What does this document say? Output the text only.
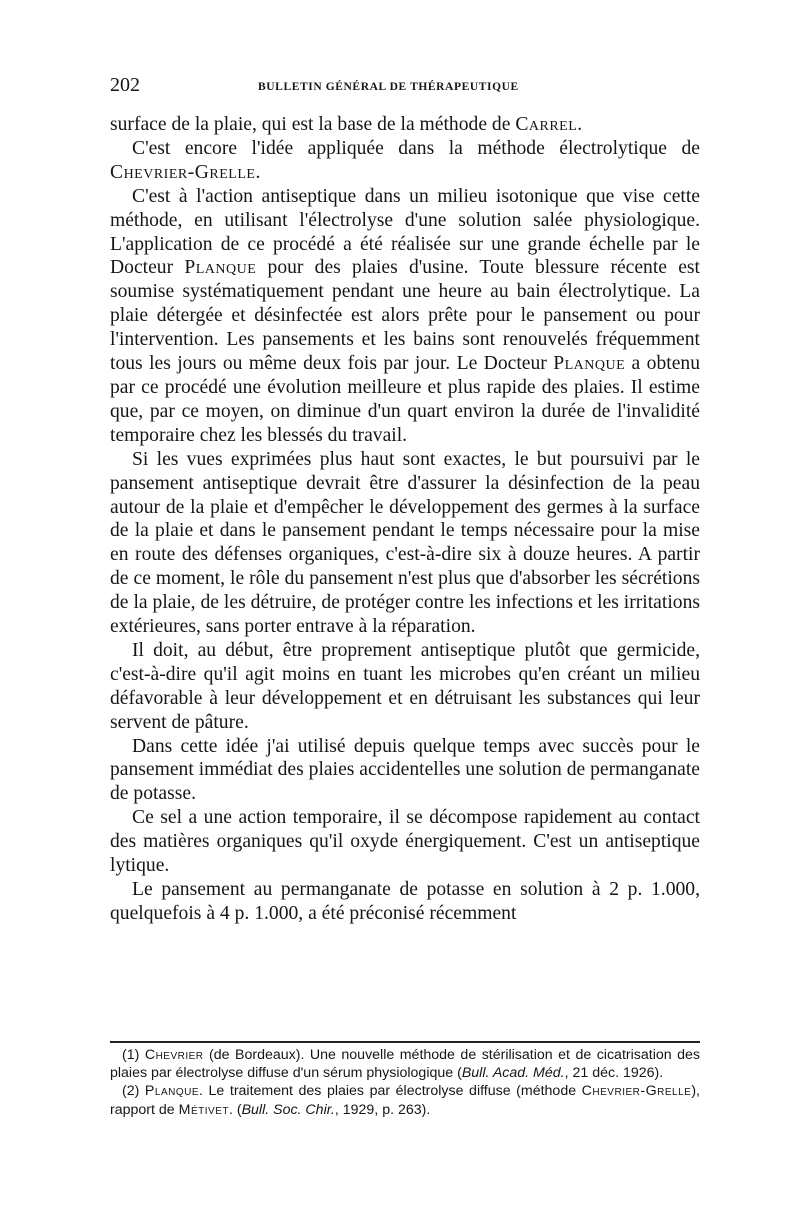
202	BULLETIN GÉNÉRAL DE THÉRAPEUTIQUE

surface de la plaie, qui est la base de la méthode de Carrel.

C'est encore l'idée appliquée dans la méthode électrolytique de Chevrier-Grelle.

C'est à l'action antiseptique dans un milieu isotonique que vise cette méthode, en utilisant l'électrolyse d'une solution salée physiologique. L'application de ce procédé a été réalisée sur une grande échelle par le Docteur Planque pour des plaies d'usine. Toute blessure récente est soumise systématiquement pendant une heure au bain électrolytique. La plaie détergée et désinfectée est alors prête pour le pansement ou pour l'intervention. Les pansements et les bains sont renouvelés fréquemment tous les jours ou même deux fois par jour. Le Docteur Planque a obtenu par ce procédé une évolution meilleure et plus rapide des plaies. Il estime que, par ce moyen, on diminue d'un quart environ la durée de l'invalidité temporaire chez les blessés du travail.

Si les vues exprimées plus haut sont exactes, le but poursuivi par le pansement antiseptique devrait être d'assurer la désinfection de la peau autour de la plaie et d'empêcher le développement des germes à la surface de la plaie et dans le pansement pendant le temps nécessaire pour la mise en route des défenses organiques, c'est-à-dire six à douze heures. A partir de ce moment, le rôle du pansement n'est plus que d'absorber les sécrétions de la plaie, de les détruire, de protéger contre les infections et les irritations extérieures, sans porter entrave à la réparation.

Il doit, au début, être proprement antiseptique plutôt que germicide, c'est-à-dire qu'il agit moins en tuant les microbes qu'en créant un milieu défavorable à leur développement et en détruisant les substances qui leur servent de pâture.

Dans cette idée j'ai utilisé depuis quelque temps avec succès pour le pansement immédiat des plaies accidentelles une solution de permanganate de potasse.

Ce sel a une action temporaire, il se décompose rapidement au contact des matières organiques qu'il oxyde énergiquement. C'est un antiseptique lytique.

Le pansement au permanganate de potasse en solution à 2 p. 1.000, quelquefois à 4 p. 1.000, a été préconisé récemment

(1) Chevrier (de Bordeaux). Une nouvelle méthode de stérilisation et de cicatrisation des plaies par électrolyse diffuse d'un sérum physiologique (Bull. Acad. Méd., 21 déc. 1926).

(2) Planque. Le traitement des plaies par électrolyse diffuse (méthode Chevrier-Grelle), rapport de Métivet. (Bull. Soc. Chir., 1929, p. 263).
